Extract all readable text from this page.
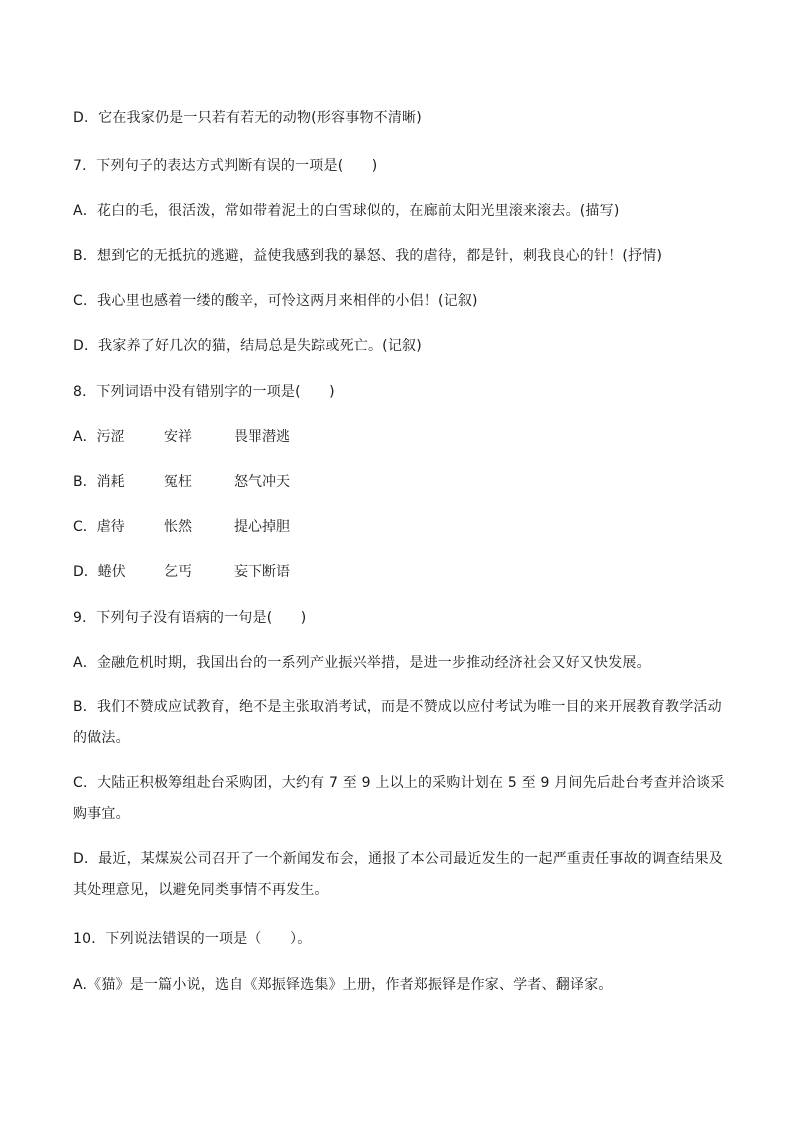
D．它在我家仍是一只若有若无的动物(形容事物不清晰)
7．下列句子的表达方式判断有误的一项是(　　)
A．花白的毛，很活泼，常如带着泥土的白雪球似的，在廊前太阳光里滚来滚去。(描写)
B．想到它的无抵抗的逃避，益使我感到我的暴怒、我的虐待，都是针，刺我良心的针！(抒情)
C．我心里也感着一缕的酸辛，可怜这两月来相伴的小侣！(记叙)
D．我家养了好几次的猫，结局总是失踪或死亡。(记叙)
8．下列词语中没有错别字的一项是(　　)
A．污涩	安祥	畏罪潜逃
B．消耗	冤枉	怒气冲天
C．虐待	怅然	提心掉胆
D．蜷伏	乞丐	妄下断语
9．下列句子没有语病的一句是(　　)
A．金融危机时期，我国出台的一系列产业振兴举措，是进一步推动经济社会又好又快发展。
B．我们不赞成应试教育，绝不是主张取消考试，而是不赞成以应付考试为唯一目的来开展教育教学活动的做法。
C．大陆正积极筹组赴台采购团，大约有 7 至 9 上以上的采购计划在 5 至 9 月间先后赴台考查并洽谈采购事宜。
D．最近，某煤炭公司召开了一个新闻发布会，通报了本公司最近发生的一起严重责任事故的调查结果及其处理意见，以避免同类事情不再发生。
10．下列说法错误的一项是（　　）。
A.《猫》是一篇小说，选自《郑振铎选集》上册，作者郑振铎是作家、学者、翻译家。
